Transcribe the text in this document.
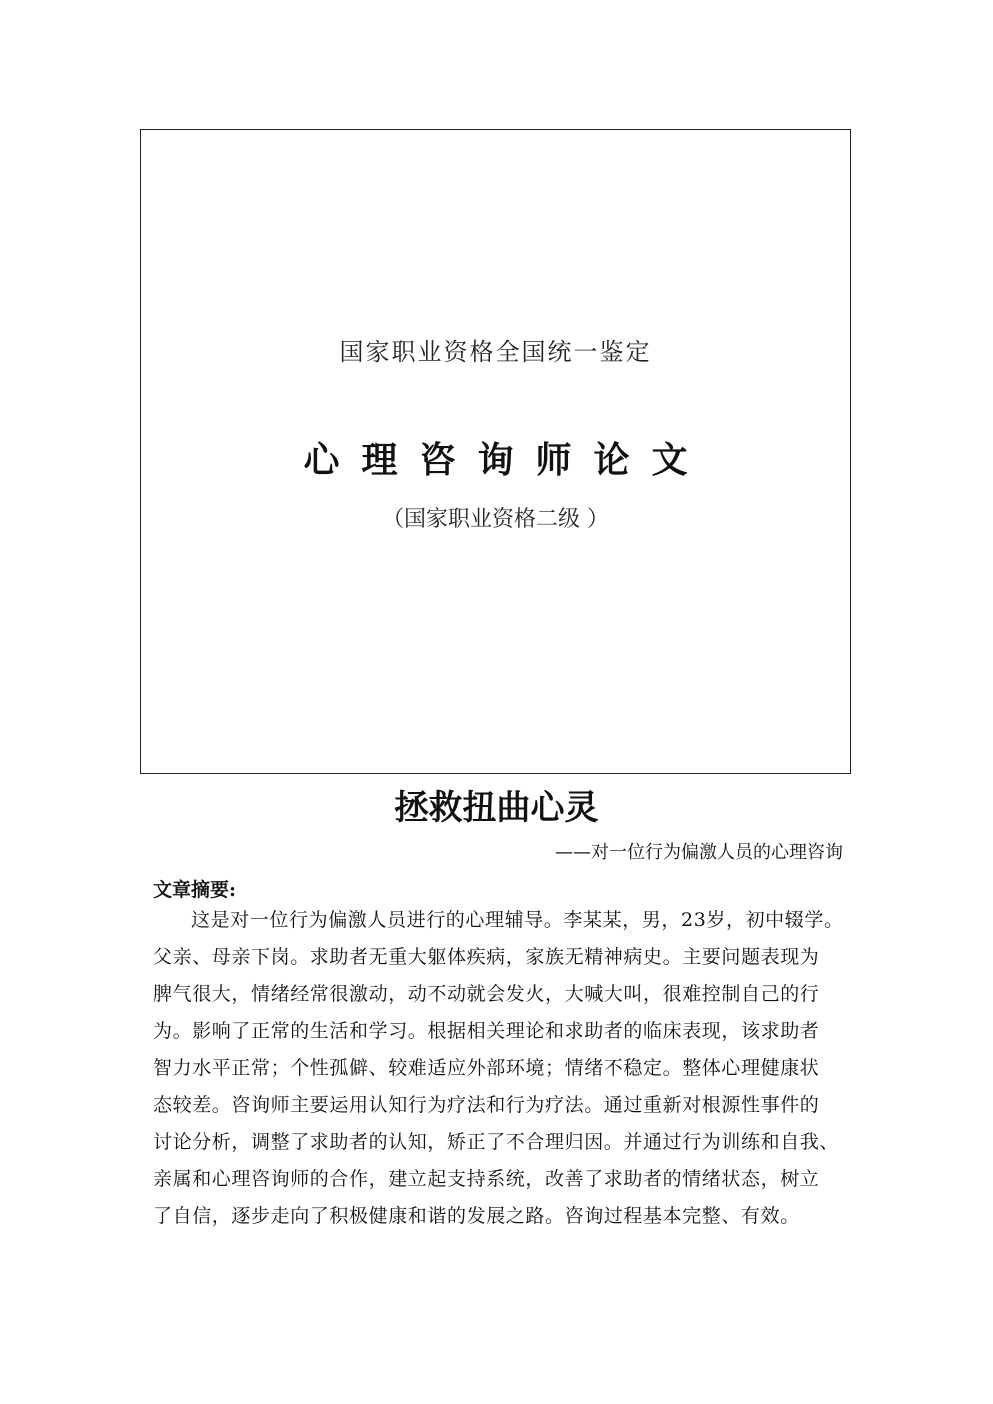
国家职业资格全国统一鉴定
心理咨询师论文
（国家职业资格二级 ）
拯救扭曲心灵
——对一位行为偏激人员的心理咨询
文章摘要:
这是对一位行为偏激人员进行的心理辅导。李某某，男，23岁，初中辍学。
父亲、母亲下岗。求助者无重大躯体疾病，家族无精神病史。主要问题表现为
脾气很大，情绪经常很激动，动不动就会发火，大喊大叫，很难控制自己的行
为。影响了正常的生活和学习。根据相关理论和求助者的临床表现，该求助者
智力水平正常；个性孤僻、较难适应外部环境；情绪不稳定。整体心理健康状
态较差。咨询师主要运用认知行为疗法和行为疗法。通过重新对根源性事件的
讨论分析，调整了求助者的认知，矫正了不合理归因。并通过行为训练和自我、
亲属和心理咨询师的合作，建立起支持系统，改善了求助者的情绪状态，树立
了自信，逐步走向了积极健康和谐的发展之路。咨询过程基本完整、有效。
